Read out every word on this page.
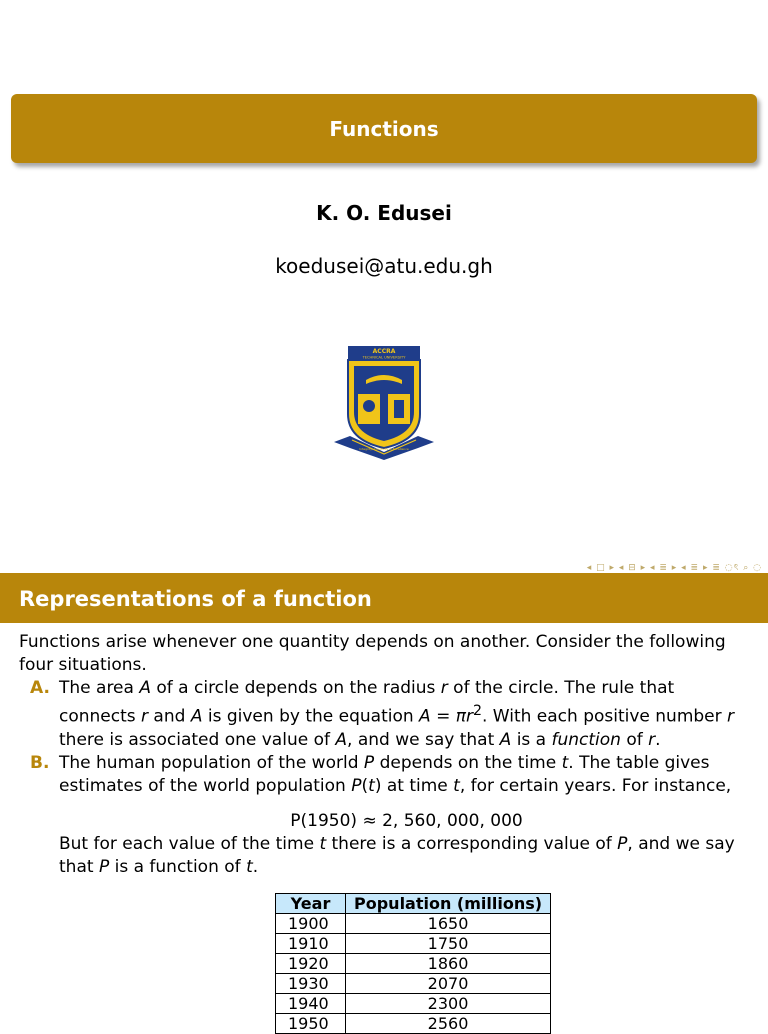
Functions
K. O. Edusei
koedusei@atu.edu.gh
ACCRA
TECHNICAL UNIVERSITY
Integrity, Creativity & Excellence
◂ □ ▸ ◂ ⊟ ▸ ◂ ≣ ▸ ◂ ≣ ▸ ≣ ◌ৎ ⌕ ◌
Representations of a function

Functions arise whenever one quantity depends on another. Consider the following four situations.

A. The area A of a circle depends on the radius r of the circle. The rule that connects r and A is given by the equation $A = \pi r^2$. With each positive number r there is associated one value of A, and we say that A is a function of r.
B. The human population of the world P depends on the time t. The table gives estimates of the world population P(t) at time t, for certain years. For instance,
P(1950) ≈ 2, 560, 000, 000
But for each value of the time t there is a corresponding value of P, and we say that P is a function of t.
Year	Population (millions)
1900	1650
1910	1750
1920	1860
1930	2070
1940	2300
1950	2560
